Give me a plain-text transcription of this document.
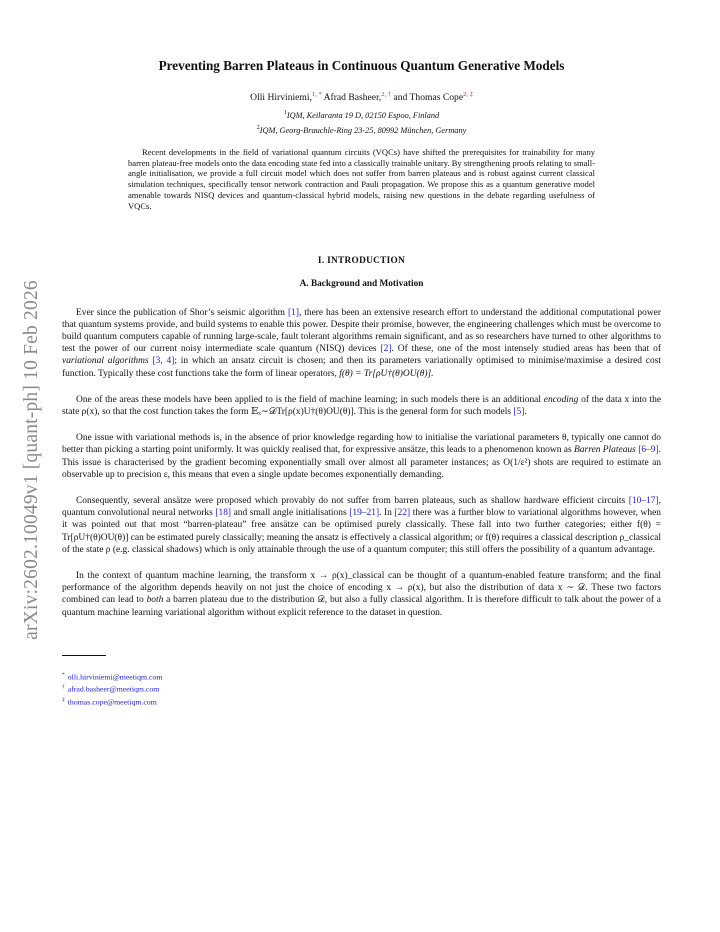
arXiv:2602.10049v1 [quant-ph] 10 Feb 2026
Preventing Barren Plateaus in Continuous Quantum Generative Models
Olli Hirviniemi,$^{1, *}$ Afrad Basheer,$^{2, \dagger}$ and Thomas Cope$^{2, \ddagger}$
$^1$IQM, Keilaranta 19 D, 02150 Espoo, Finland
$^2$IQM, Georg-Brauchle-Ring 23-25, 80992 München, Germany

Recent developments in the field of variational quantum circuits (VQCs) have shifted the prerequisites for trainability for many barren plateau-free models onto the data encoding state fed into a classically trainable unitary. By strengthening proofs relating to small-angle initialisation, we provide a full circuit model which does not suffer from barren plateaus and is robust against current classical simulation techniques, specifically tensor network contraction and Pauli propagation. We propose this as a quantum generative model amenable towards NISQ devices and quantum-classical hybrid models, raising new questions in the debate regarding usefulness of VQCs.

I. INTRODUCTION
A. Background and Motivation

Ever since the publication of Shor’s seismic algorithm [1], there has been an extensive research effort to understand the additional computational power that quantum systems provide, and build systems to enable this power. Despite their promise, however, the engineering challenges which must be overcome to build quantum computers capable of running large-scale, fault tolerant algorithms remain significant, and as so researchers have turned to other algorithms to test the power of our current noisy intermediate scale quantum (NISQ) devices [2]. Of these, one of the most intensely studied areas has been that of variational algorithms [3, 4]; in which an ansatz circuit is chosen; and then its parameters variationally optimised to minimise/maximise a desired cost function. Typically these cost functions take the form of linear operators, f(θ) = Tr[ρU†(θ)OU(θ)].

One of the areas these models have been applied to is the field of machine learning; in such models there is an additional encoding of the data x into the state ρ(x), so that the cost function takes the form 𝔼ₓ∼𝒟Tr[ρ(x)U†(θ)OU(θ)]. This is the general form for such models [5].

One issue with variational methods is, in the absence of prior knowledge regarding how to initialise the variational parameters θ, typically one cannot do better than picking a starting point uniformly. It was quickly realised that, for expressive ansätze, this leads to a phenomenon known as Barren Plateaus [6–9]. This issue is characterised by the gradient becoming exponentially small over almost all parameter instances; as O(1/ε²) shots are required to estimate an observable up to precision ε, this means that even a single update becomes exponentially demanding.

Consequently, several ansätze were proposed which provably do not suffer from barren plateaus, such as shallow hardware efficient circuits [10–17], quantum convolutional neural networks [18] and small angle initialisations [19–21]. In [22] there was a further blow to variational algorithms however, when it was pointed out that most “barren-plateau” free ansätze can be optimised purely classically. These fall into two further categories; either f(θ) = Tr[ρU†(θ)OU(θ)] can be estimated purely classically; meaning the ansatz is effectively a classical algorithm; or f(θ) requires a classical description ρ_classical of the state ρ (e.g. classical shadows) which is only attainable through the use of a quantum computer; this still offers the possibility of a quantum advantage.

In the context of quantum machine learning, the transform x → ρ(x)_classical can be thought of a quantum-enabled feature transform; and the final performance of the algorithm depends heavily on not just the choice of encoding x → ρ(x), but also the distribution of data x ∼ 𝒟. These two factors combined can lead to both a barren plateau due to the distribution 𝒟, but also a fully classical algorithm. It is therefore difficult to talk about the power of a quantum machine learning variational algorithm without explicit reference to the dataset in question.

* olli.hirviniemi@meetiqm.com
† afrad.basheer@meetiqm.com
‡ thomas.cope@meetiqm.com
